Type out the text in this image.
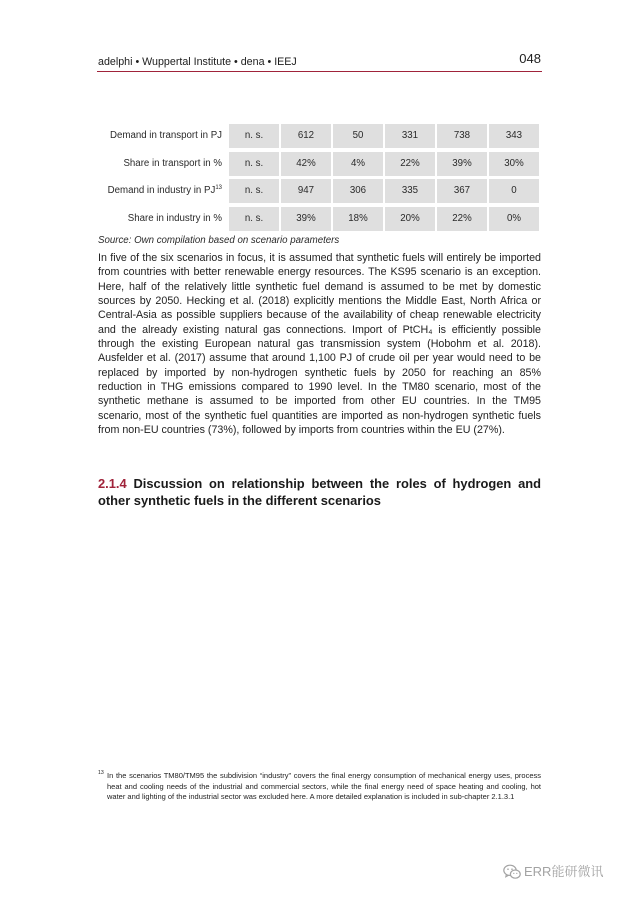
adelphi • Wuppertal Institute • dena • IEEJ	048
Demand in transport in PJ	n. s.	612	50	331	738	343
Share in transport in %	n. s.	42%	4%	22%	39%	30%
Demand in industry in PJ$^{13}$	n. s.	947	306	335	367	0
Share in industry in %	n. s.	39%	18%	20%	22%	0%
Source: Own compilation based on scenario parameters
In five of the six scenarios in focus, it is assumed that synthetic fuels will entirely be imported
from countries with better renewable energy resources. The KS95 scenario is an exception.
Here, half of the relatively little synthetic fuel demand is assumed to be met by domestic
sources by 2050. Hecking et al. (2018) explicitly mentions the Middle East, North Africa or
Central-Asia as possible suppliers because of the availability of cheap renewable electricity
and the already existing natural gas connections. Import of PtCH₄ is efficiently possible
through the existing European natural gas transmission system (Hobohm et al. 2018).
Ausfelder et al. (2017) assume that around 1,100 PJ of crude oil per year would need to be
replaced by imported by non-hydrogen synthetic fuels by 2050 for reaching an 85%
reduction in THG emissions compared to 1990 level. In the TM80 scenario, most of the
synthetic methane is assumed to be imported from other EU countries. In the TM95
scenario, most of the synthetic fuel quantities are imported as non-hydrogen synthetic fuels
from non-EU countries (73%), followed by imports from countries within the EU (27%).
2.1.4 Discussion on relationship between the roles of hydrogen and
other synthetic fuels in the different scenarios
13 In the scenarios TM80/TM95 the subdivision “industry” covers the final energy consumption of mechanical energy uses, process
heat and cooling needs of the industrial and commercial sectors, while the final energy need of space heating and cooling, hot
water and lighting of the industrial sector was excluded here. A more detailed explanation is included in sub-chapter 2.1.3.1
ERR能研微讯
